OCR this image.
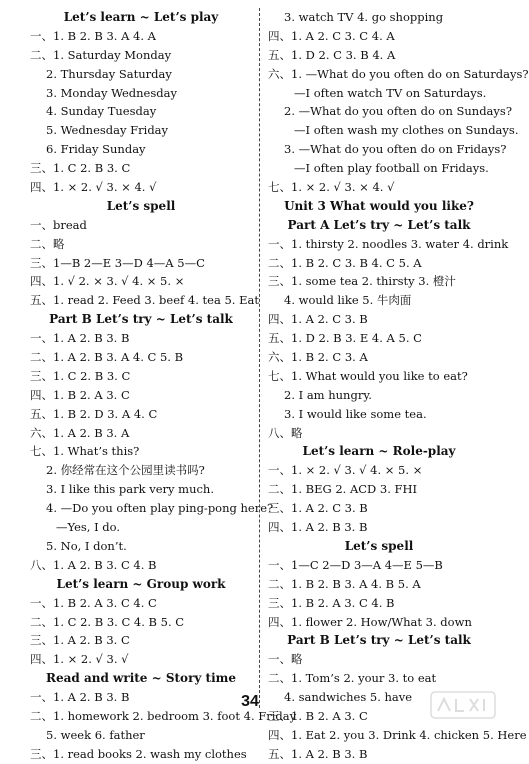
Let’s learn ~ Let’s play
一、1. B 2. B 3. A 4. A
二、1. Saturday Monday
2. Thursday Saturday
3. Monday Wednesday
4. Sunday Tuesday
5. Wednesday Friday
6. Friday Sunday
三、1. C 2. B 3. C
四、1. × 2. √ 3. × 4. √
Let’s spell
一、bread
二、略
三、1—B 2—E 3—D 4—A 5—C
四、1. √ 2. × 3. √ 4. × 5. ×
五、1. read 2. Feed 3. beef 4. tea 5. Eat
Part B Let’s try ~ Let’s talk
一、1. A 2. B 3. B
二、1. A 2. B 3. A 4. C 5. B
三、1. C 2. B 3. C
四、1. B 2. A 3. C
五、1. B 2. D 3. A 4. C
六、1. A 2. B 3. A
七、1. What’s this?
2. 你经常在这个公园里读书吗?
3. I like this park very much.
4. —Do you often play ping-pong here?
—Yes, I do.
5. No, I don’t.
八、1. A 2. B 3. C 4. B
Let’s learn ~ Group work
一、1. B 2. A 3. C 4. C
二、1. C 2. B 3. C 4. B 5. C
三、1. A 2. B 3. C
四、1. × 2. √ 3. √
Read and write ~ Story time
一、1. A 2. B 3. B
二、1. homework 2. bedroom 3. foot 4. Friday
5. week 6. father
三、1. read books 2. wash my clothes
3. watch TV 4. go shopping
四、1. A 2. C 3. C 4. A
五、1. D 2. C 3. B 4. A
六、1. —What do you often do on Saturdays?
—I often watch TV on Saturdays.
2. —What do you often do on Sundays?
—I often wash my clothes on Sundays.
3. —What do you often do on Fridays?
—I often play football on Fridays.
七、1. × 2. √ 3. × 4. √
Unit 3 What would you like?
Part A Let’s try ~ Let’s talk
一、1. thirsty 2. noodles 3. water 4. drink
二、1. B 2. C 3. B 4. C 5. A
三、1. some tea 2. thirsty 3. 橙汁
4. would like 5. 牛肉面
四、1. A 2. C 3. B
五、1. D 2. B 3. E 4. A 5. C
六、1. B 2. C 3. A
七、1. What would you like to eat?
2. I am hungry.
3. I would like some tea.
八、略
Let’s learn ~ Role-play
一、1. × 2. √ 3. √ 4. × 5. ×
二、1. BEG 2. ACD 3. FHI
三、1. A 2. C 3. B
四、1. A 2. B 3. B
Let’s spell
一、1—C 2—D 3—A 4—E 5—B
二、1. B 2. B 3. A 4. B 5. A
三、1. B 2. A 3. C 4. B
四、1. flower 2. How/What 3. down
Part B Let’s try ~ Let’s talk
一、略
二、1. Tom’s 2. your 3. to eat
4. sandwiches 5. have
三、1. B 2. A 3. C
四、1. Eat 2. you 3. Drink 4. chicken 5. Here
五、1. A 2. B 3. B
34
